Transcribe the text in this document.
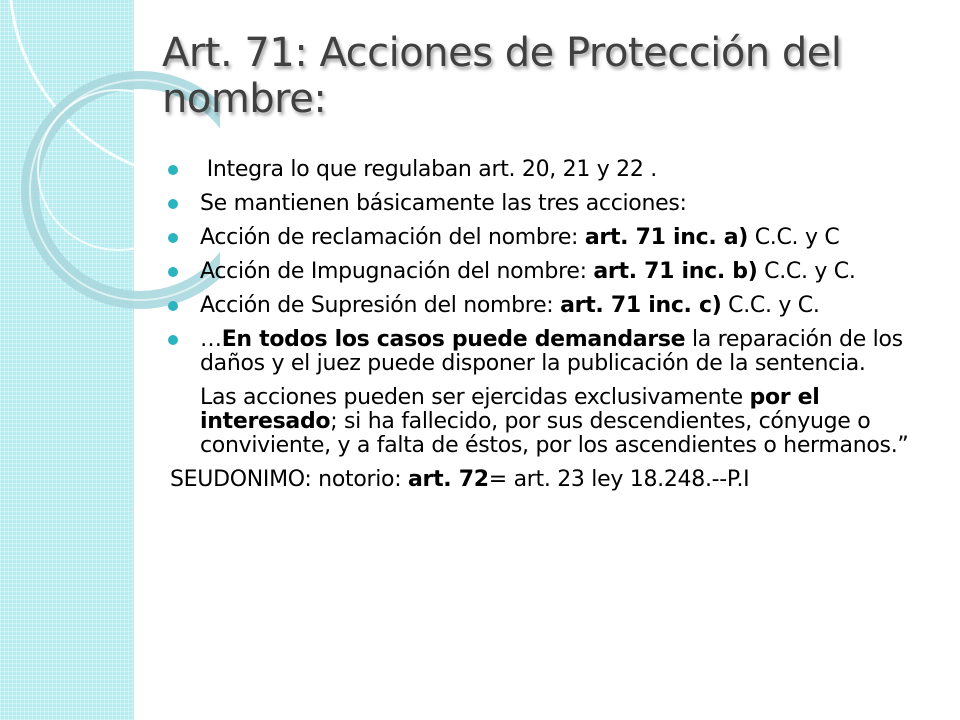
Art. 71: Acciones de Protección del nombre:
Integra lo que regulaban art. 20, 21 y 22 .
Se mantienen básicamente las tres acciones:
Acción de reclamación del nombre: art. 71 inc. a) C.C. y C
Acción de Impugnación del nombre: art. 71 inc. b) C.C. y C.
Acción de Supresión del nombre: art. 71 inc. c) C.C. y C.
…En todos los casos puede demandarse la reparación de los daños y el juez puede disponer la publicación de la sentencia.

Las acciones pueden ser ejercidas exclusivamente por el interesado; si ha fallecido, por sus descendientes, cónyuge o conviviente, y a falta de éstos, por los ascendientes o hermanos.”

SEUDONIMO: notorio: art. 72= art. 23 ley 18.248.--P.I
